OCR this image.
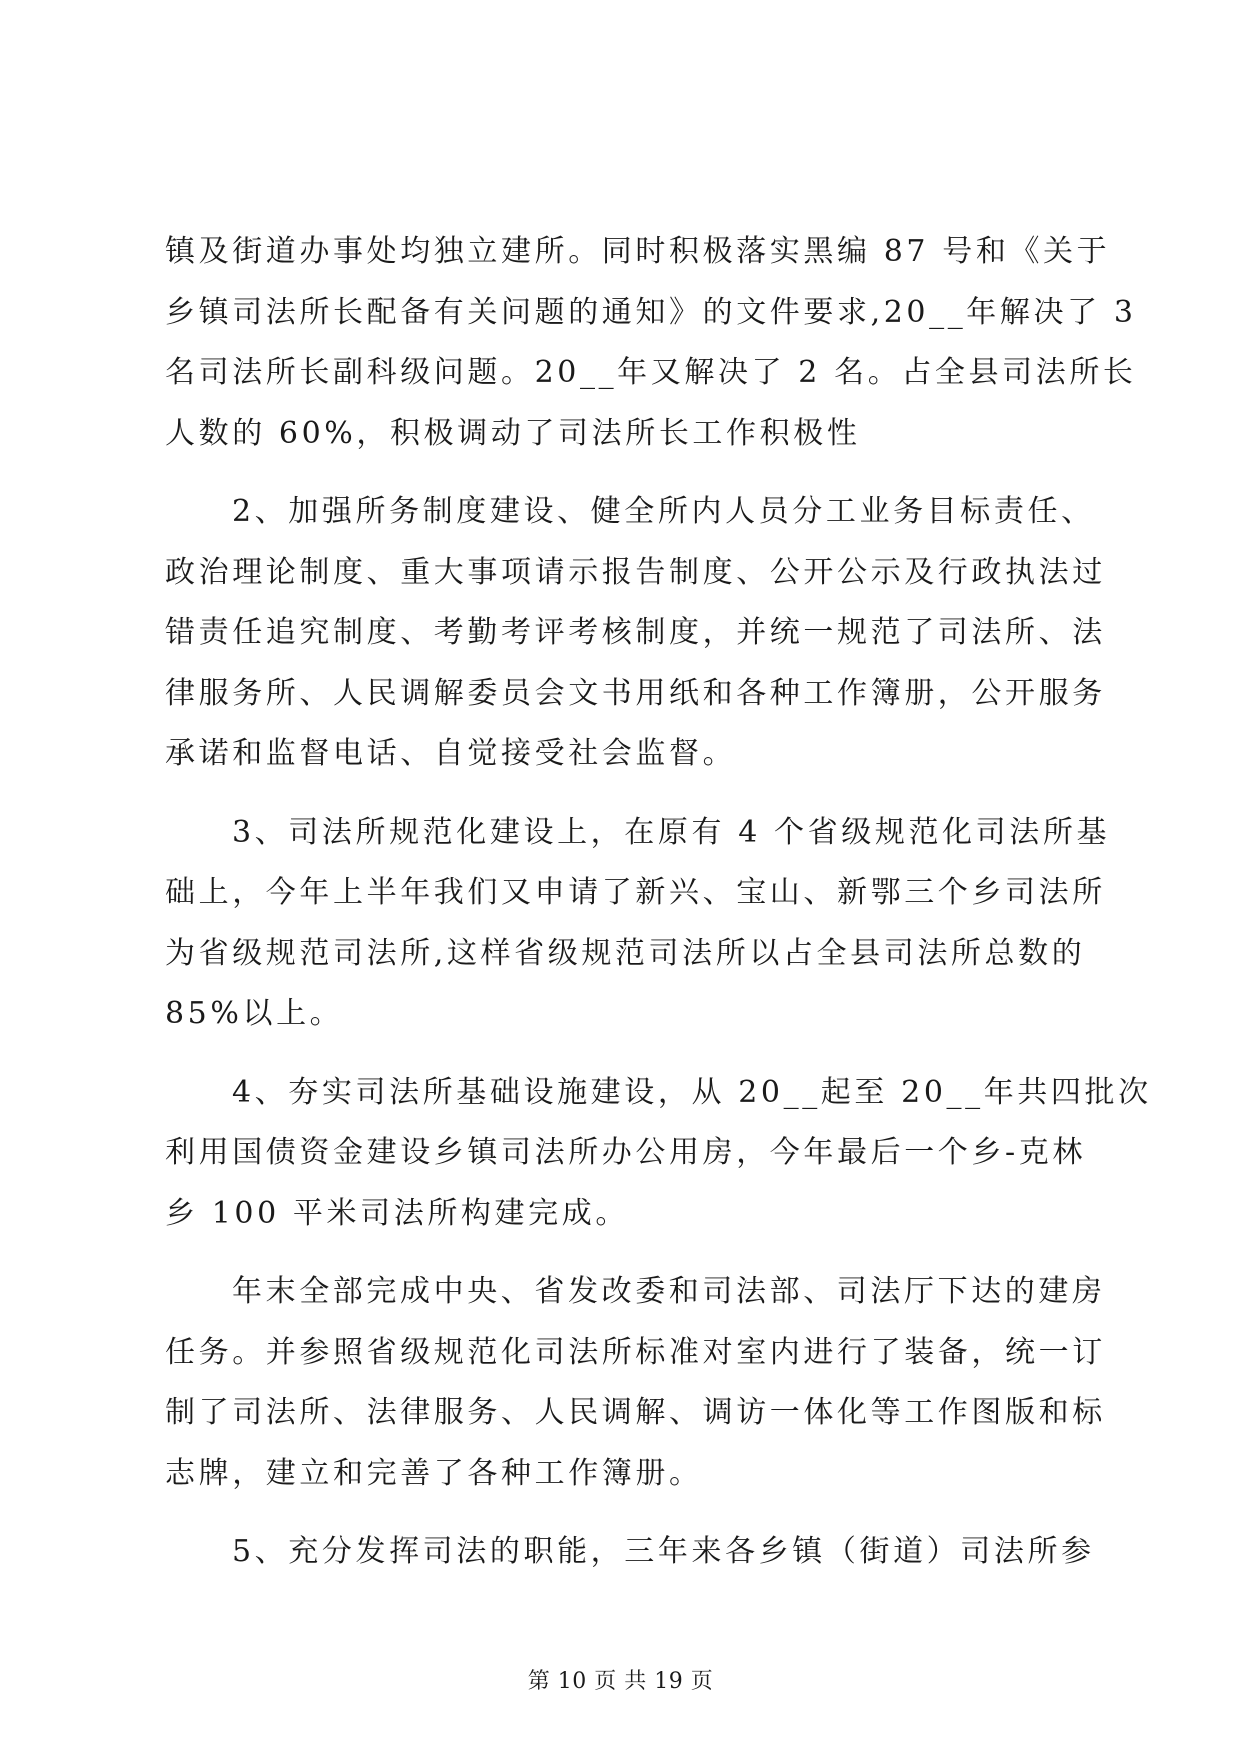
镇及街道办事处均独立建所。同时积极落实黑编 87 号和《关于
乡镇司法所长配备有关问题的通知》的文件要求,20__年解决了 3
名司法所长副科级问题。20__年又解决了 2 名。占全县司法所长
人数的 60%，积极调动了司法所长工作积极性
2、加强所务制度建设、健全所内人员分工业务目标责任、
政治理论制度、重大事项请示报告制度、公开公示及行政执法过
错责任追究制度、考勤考评考核制度，并统一规范了司法所、法
律服务所、人民调解委员会文书用纸和各种工作簿册，公开服务
承诺和监督电话、自觉接受社会监督。
3、司法所规范化建设上，在原有 4 个省级规范化司法所基
础上，今年上半年我们又申请了新兴、宝山、新鄂三个乡司法所
为省级规范司法所,这样省级规范司法所以占全县司法所总数的
85%以上。
4、夯实司法所基础设施建设，从 20__起至 20__年共四批次
利用国债资金建设乡镇司法所办公用房，今年最后一个乡-克林
乡 100 平米司法所构建完成。
年末全部完成中央、省发改委和司法部、司法厅下达的建房
任务。并参照省级规范化司法所标准对室内进行了装备，统一订
制了司法所、法律服务、人民调解、调访一体化等工作图版和标
志牌，建立和完善了各种工作簿册。
5、充分发挥司法的职能，三年来各乡镇（街道）司法所参
第 10 页 共 19 页
